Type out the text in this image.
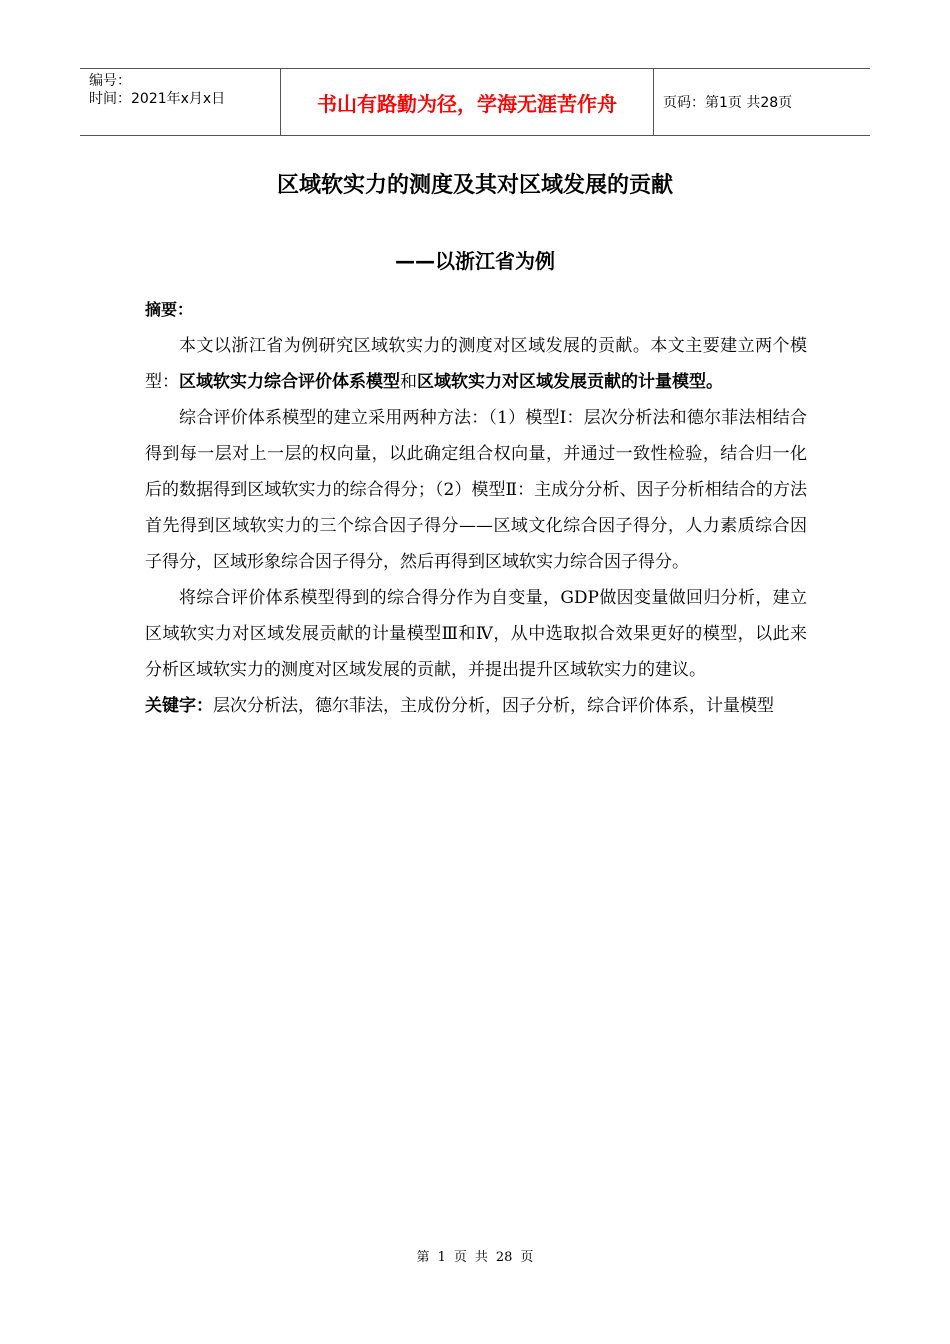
编号：
时间：2021年x月x日	书山有路勤为径，学海无涯苦作舟	页码：第1页 共28页
区域软实力的测度及其对区域发展的贡献
——以浙江省为例
摘要：

本文以浙江省为例研究区域软实力的测度对区域发展的贡献。本文主要建立两个模型：区域软实力综合评价体系模型和区域软实力对区域发展贡献的计量模型。

综合评价体系模型的建立采用两种方法：（1）模型Ⅰ：层次分析法和德尔菲法相结合得到每一层对上一层的权向量，以此确定组合权向量，并通过一致性检验，结合归一化后的数据得到区域软实力的综合得分；（2）模型Ⅱ：主成分分析、因子分析相结合的方法首先得到区域软实力的三个综合因子得分——区域文化综合因子得分，人力素质综合因子得分，区域形象综合因子得分，然后再得到区域软实力综合因子得分。

将综合评价体系模型得到的综合得分作为自变量，GDP做因变量做回归分析，建立区域软实力对区域发展贡献的计量模型Ⅲ和Ⅳ，从中选取拟合效果更好的模型，以此来分析区域软实力的测度对区域发展的贡献，并提出提升区域软实力的建议。

关键字：层次分析法，德尔菲法，主成份分析，因子分析，综合评价体系，计量模型

第 1 页 共 28 页
